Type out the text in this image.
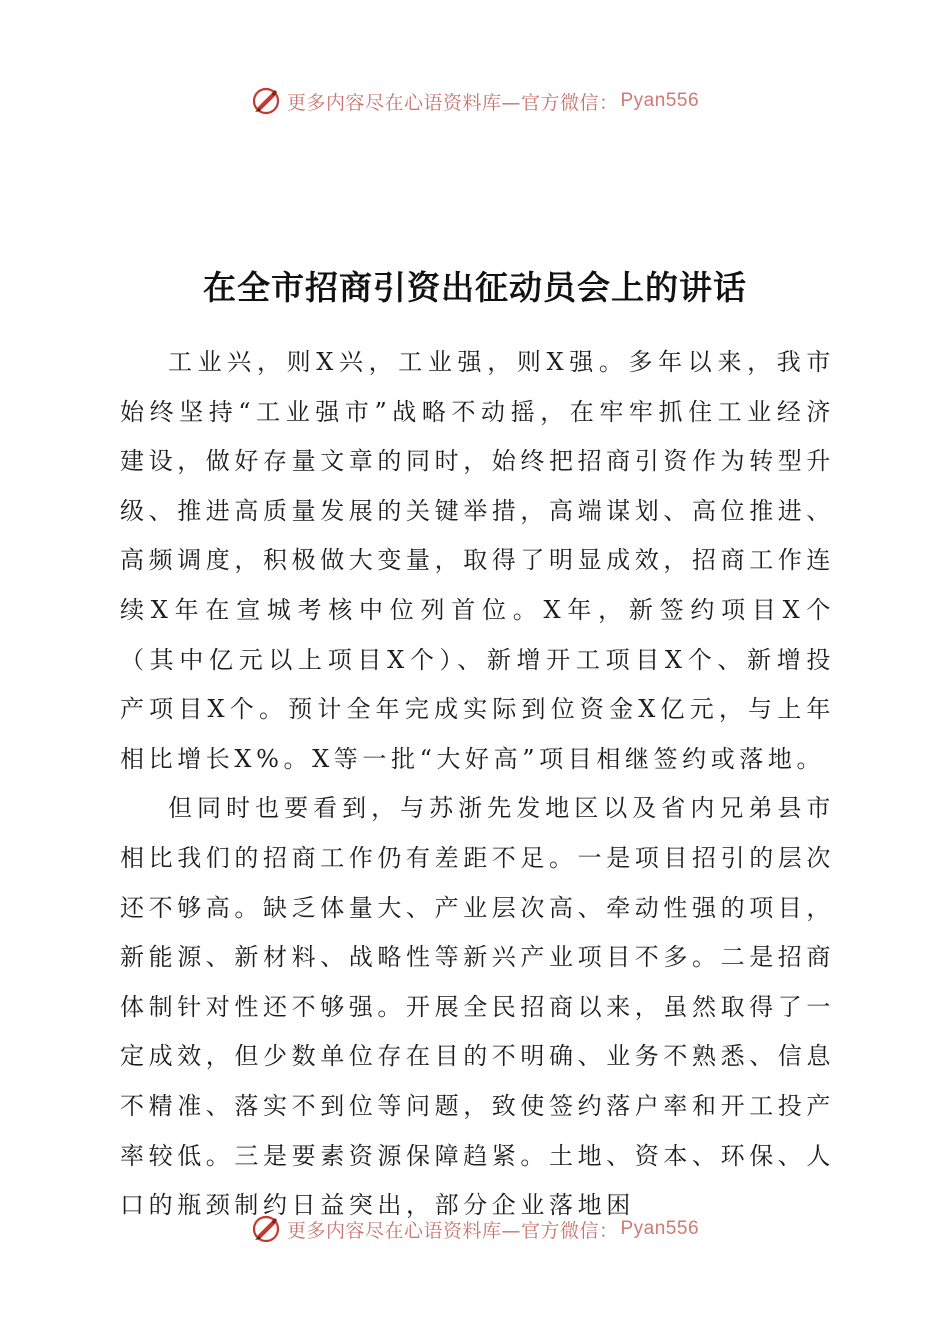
更多内容尽在心语资料库—官方微信： Pyan556
在全市招商引资出征动员会上的讲话

工业兴，则X兴，工业强，则X强。多年以来，我市始终坚持“工业强市”战略不动摇，在牢牢抓住工业经济建设，做好存量文章的同时，始终把招商引资作为转型升级、推进高质量发展的关键举措，高端谋划、高位推进、高频调度，积极做大变量，取得了明显成效，招商工作连续X年在宣城考核中位列首位。X年，新签约项目X个（其中亿元以上项目X个）、新增开工项目X个、新增投产项目X个。预计全年完成实际到位资金X亿元，与上年相比增长X%。X等一批“大好高”项目相继签约或落地。

但同时也要看到，与苏浙先发地区以及省内兄弟县市相比我们的招商工作仍有差距不足。一是项目招引的层次还不够高。缺乏体量大、产业层次高、牵动性强的项目，新能源、新材料、战略性等新兴产业项目不多。二是招商体制针对性还不够强。开展全民招商以来，虽然取得了一定成效，但少数单位存在目的不明确、业务不熟悉、信息不精准、落实不到位等问题，致使签约落户率和开工投产率较低。三是要素资源保障趋紧。土地、资本、环保、人口的瓶颈制约日益突出，部分企业落地困

更多内容尽在心语资料库—官方微信： Pyan556
